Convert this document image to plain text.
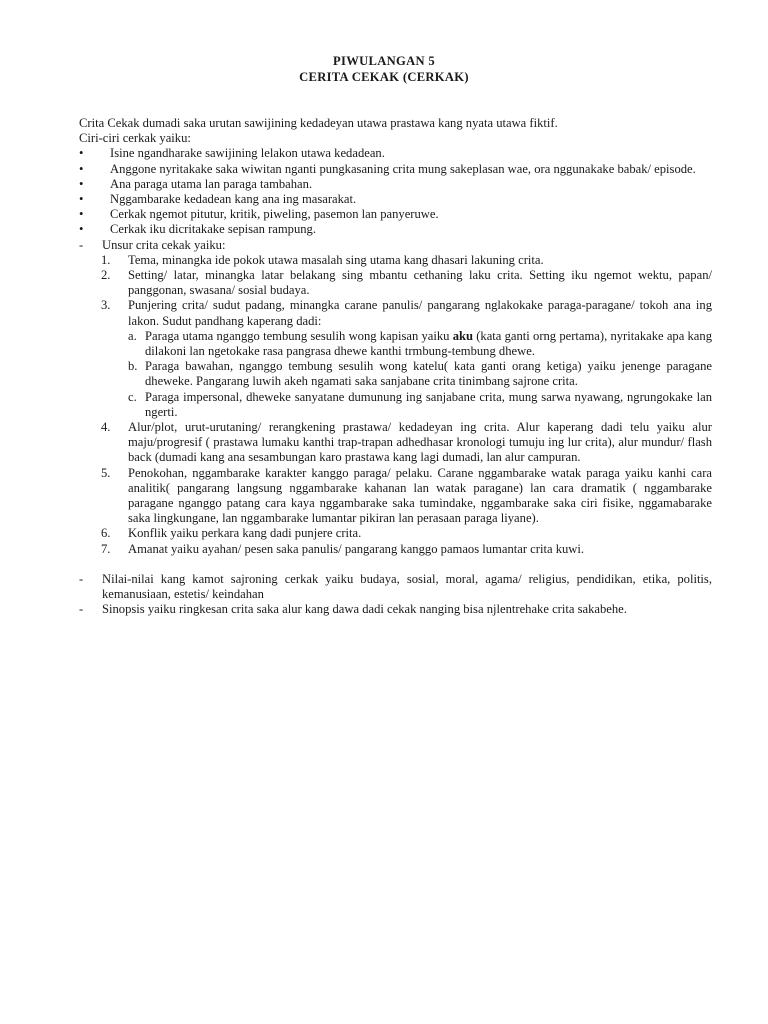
PIWULANGAN 5
CERITA CEKAK (CERKAK)

Crita Cekak dumadi saka urutan sawijining kedadeyan utawa prastawa kang nyata utawa fiktif.

Ciri-ciri cerkak yaiku:

•	Isine ngandharake sawijining lelakon utawa kedadean.
•	Anggone nyritakake saka wiwitan nganti pungkasaning crita mung sakeplasan wae, ora nggunakake babak/ episode.
•	Ana paraga utama lan paraga tambahan.
•	Nggambarake kedadean kang ana ing masarakat.
•	Cerkak ngemot pitutur, kritik, piweling, pasemon lan panyeruwe.
•	Cerkak iku dicritakake sepisan rampung.
-	Unsur crita cekak yaiku:
1.	Tema, minangka ide pokok utawa masalah sing utama kang dhasari lakuning crita.
2.	Setting/ latar, minangka latar belakang sing mbantu cethaning laku crita. Setting iku ngemot wektu, papan/ panggonan, swasana/ sosial budaya.
3.	Punjering crita/ sudut padang, minangka carane panulis/ pangarang nglakokake paraga-paragane/ tokoh ana ing lakon. Sudut pandhang kaperang dadi:
a. Paraga utama nganggo tembung sesulih wong kapisan yaiku aku (kata ganti orng pertama), nyritakake apa kang dilakoni lan ngetokake rasa pangrasa dhewe kanthi trmbung-tembung dhewe.
b. Paraga bawahan, nganggo tembung sesulih wong katelu( kata ganti orang ketiga) yaiku jenenge paragane dheweke. Pangarang luwih akeh ngamati saka sanjabane crita tinimbang sajrone crita.
c. Paraga impersonal, dheweke sanyatane dumunung ing sanjabane crita, mung sarwa nyawang, ngrungokake lan ngerti.
4.	Alur/plot, urut-urutaning/ rerangkening prastawa/ kedadeyan ing crita. Alur kaperang dadi telu yaiku alur maju/progresif ( prastawa lumaku kanthi trap-trapan adhedhasar kronologi tumuju ing lur crita), alur mundur/ flash back (dumadi kang ana sesambungan karo prastawa kang lagi dumadi, lan alur campuran.
5.	Penokohan, nggambarake karakter kanggo paraga/ pelaku. Carane nggambarake watak paraga yaiku kanhi cara analitik( pangarang langsung nggambarake kahanan lan watak paragane) lan cara dramatik ( nggambarake paragane nganggo patang cara kaya nggambarake saka tumindake, nggambarake saka ciri fisike, nggamabarake saka lingkungane, lan nggambarake lumantar pikiran lan perasaan paraga liyane).
6.	Konflik yaiku perkara kang dadi punjere crita.
7.	Amanat yaiku ayahan/ pesen saka panulis/ pangarang kanggo pamaos lumantar crita kuwi.
-	Nilai-nilai kang kamot sajroning cerkak yaiku budaya, sosial, moral, agama/ religius, pendidikan, etika, politis, kemanusiaan, estetis/ keindahan
-	Sinopsis yaiku ringkesan crita saka alur kang dawa dadi cekak nanging bisa njlentrehake crita sakabehe.
